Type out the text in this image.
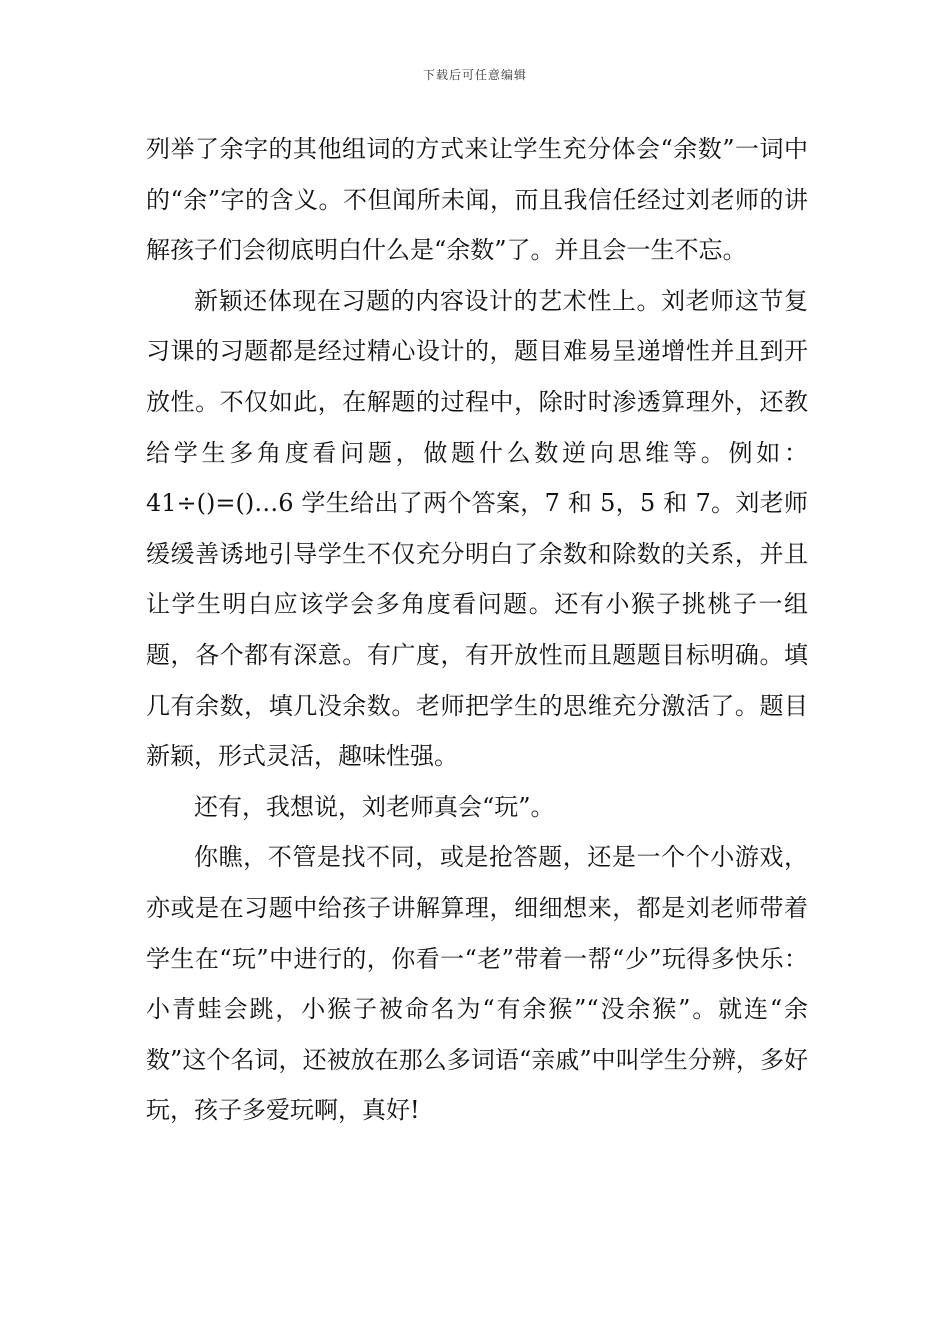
下载后可任意编辑

列举了余字的其他组词的方式来让学生充分体会“余数”一词中的“余”字的含义。不但闻所未闻，而且我信任经过刘老师的讲解孩子们会彻底明白什么是“余数”了。并且会一生不忘。

新颖还体现在习题的内容设计的艺术性上。刘老师这节复习课的习题都是经过精心设计的，题目难易呈递增性并且到开放性。不仅如此，在解题的过程中，除时时渗透算理外，还教给学生多角度看问题，做题什么数逆向思维等。例如：41÷()=()…6 学生给出了两个答案，7 和 5，5 和 7。刘老师缓缓善诱地引导学生不仅充分明白了余数和除数的关系，并且让学生明白应该学会多角度看问题。还有小猴子挑桃子一组题，各个都有深意。有广度，有开放性而且题题目标明确。填几有余数，填几没余数。老师把学生的思维充分激活了。题目新颖，形式灵活，趣味性强。

还有，我想说，刘老师真会“玩”。

你瞧，不管是找不同，或是抢答题，还是一个个小游戏，亦或是在习题中给孩子讲解算理，细细想来，都是刘老师带着学生在“玩”中进行的，你看一“老”带着一帮“少”玩得多快乐：小青蛙会跳，小猴子被命名为“有余猴”“没余猴”。就连“余数”这个名词，还被放在那么多词语“亲戚”中叫学生分辨，多好玩，孩子多爱玩啊，真好!
